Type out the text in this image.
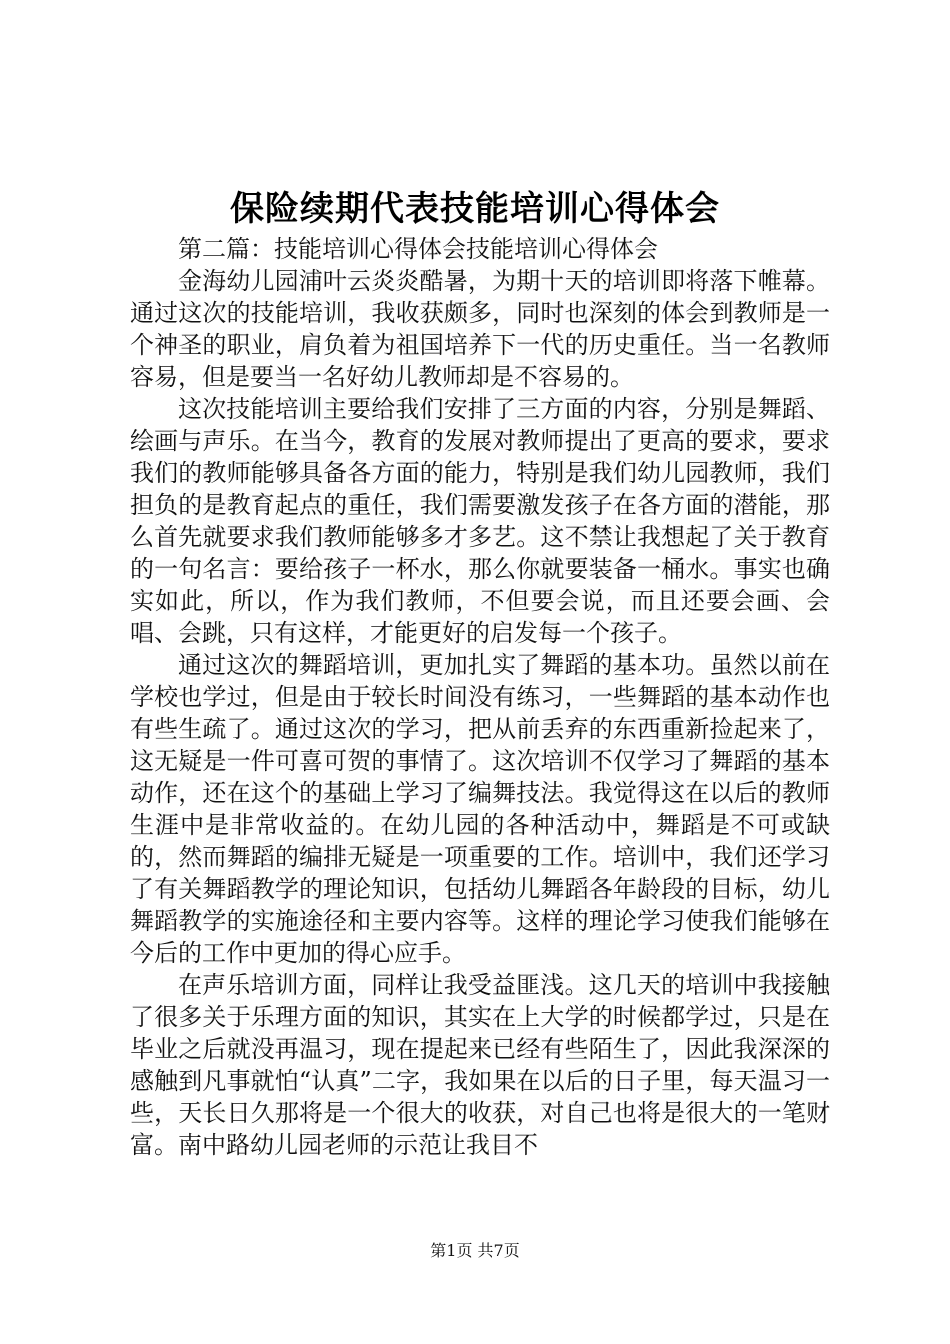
保险续期代表技能培训心得体会

第二篇：技能培训心得体会技能培训心得体会

金海幼儿园浦叶云炎炎酷暑，为期十天的培训即将落下帷幕。通过这次的技能培训，我收获颇多，同时也深刻的体会到教师是一个神圣的职业，肩负着为祖国培养下一代的历史重任。当一名教师容易，但是要当一名好幼儿教师却是不容易的。

这次技能培训主要给我们安排了三方面的内容，分别是舞蹈、绘画与声乐。在当今，教育的发展对教师提出了更高的要求，要求我们的教师能够具备各方面的能力，特别是我们幼儿园教师，我们担负的是教育起点的重任，我们需要激发孩子在各方面的潜能，那么首先就要求我们教师能够多才多艺。这不禁让我想起了关于教育的一句名言：要给孩子一杯水，那么你就要装备一桶水。事实也确实如此，所以，作为我们教师，不但要会说，而且还要会画、会唱、会跳，只有这样，才能更好的启发每一个孩子。

通过这次的舞蹈培训，更加扎实了舞蹈的基本功。虽然以前在学校也学过，但是由于较长时间没有练习，一些舞蹈的基本动作也有些生疏了。通过这次的学习，把从前丢弃的东西重新捡起来了，这无疑是一件可喜可贺的事情了。这次培训不仅学习了舞蹈的基本动作，还在这个的基础上学习了编舞技法。我觉得这在以后的教师生涯中是非常收益的。在幼儿园的各种活动中，舞蹈是不可或缺的，然而舞蹈的编排无疑是一项重要的工作。培训中，我们还学习了有关舞蹈教学的理论知识，包括幼儿舞蹈各年龄段的目标，幼儿舞蹈教学的实施途径和主要内容等。这样的理论学习使我们能够在今后的工作中更加的得心应手。

在声乐培训方面，同样让我受益匪浅。这几天的培训中我接触了很多关于乐理方面的知识，其实在上大学的时候都学过，只是在毕业之后就没再温习，现在提起来已经有些陌生了，因此我深深的感触到凡事就怕“认真”二字，我如果在以后的日子里，每天温习一些，天长日久那将是一个很大的收获，对自己也将是很大的一笔财富。南中路幼儿园老师的示范让我目不

第1页 共7页
